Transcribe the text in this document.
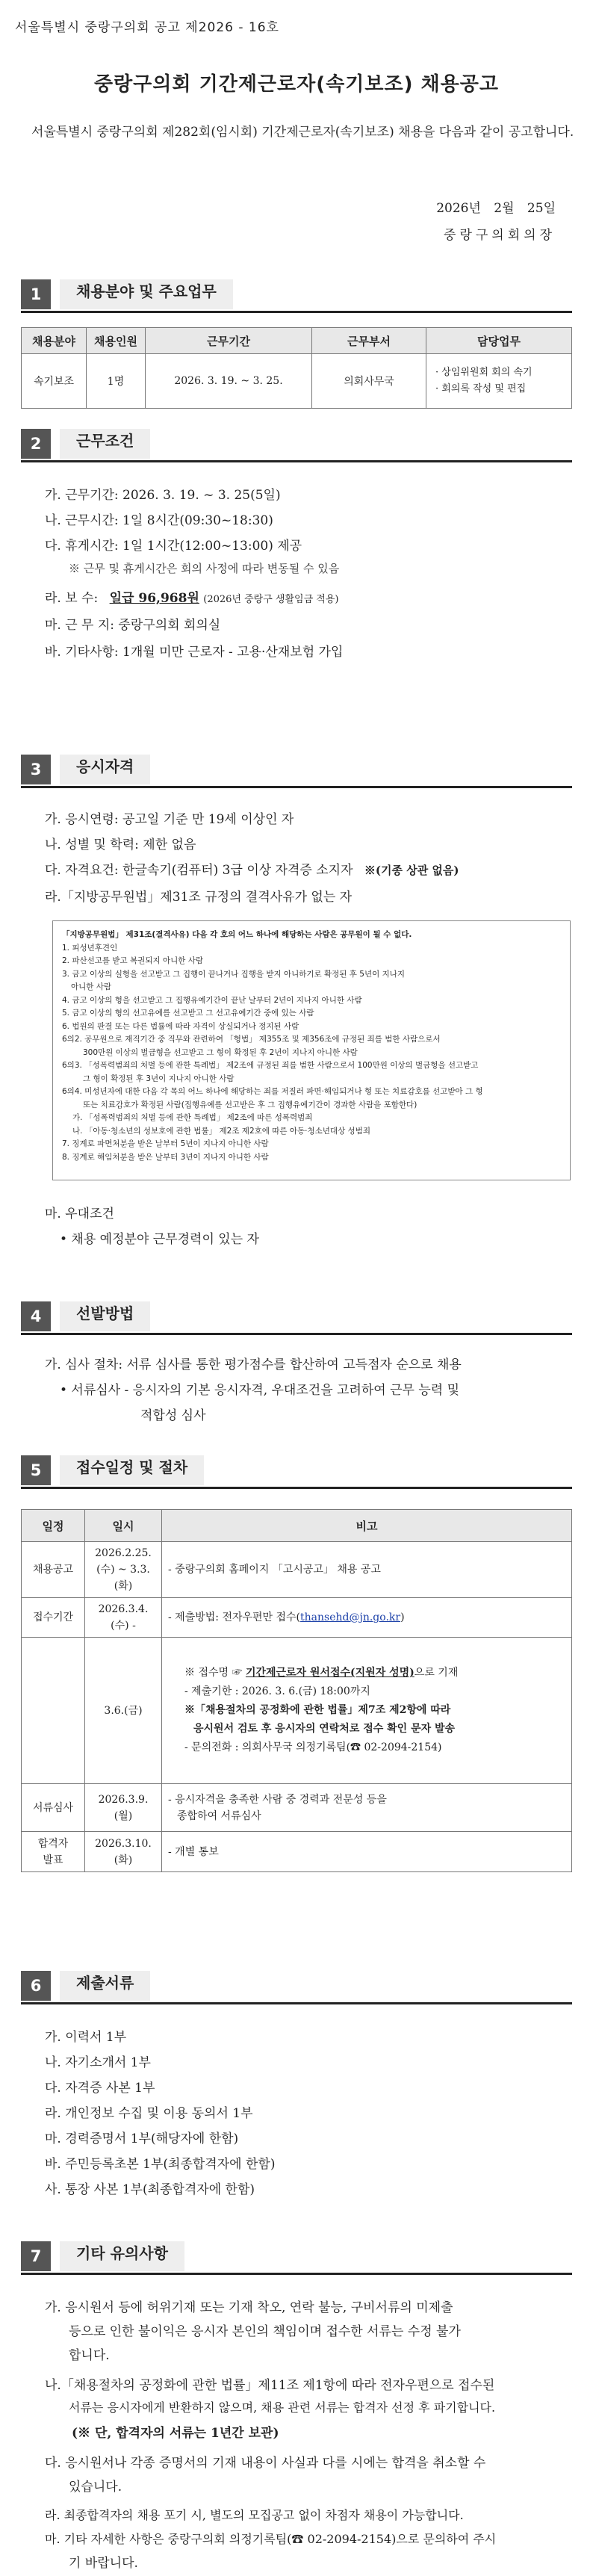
서울특별시 중랑구의회 공고 제2026 - 16호
중랑구의회 기간제근로자(속기보조) 채용공고
서울특별시 중랑구의회 제282회(임시회) 기간제근로자(속기보조) 채용을 다음과 같이 공고합니다.
2026년 2월 25일
중랑구의회의장
1	채용분야 및 주요업무
채용분야	채용인원	근무기간	근무부서	담당업무
속기보조	1명	2026. 3. 19. ~ 3. 25.	의회사무국	· 상임위원회 회의 속기
· 회의록 작성 및 편집
2	근무조건
가. 근무기간: 2026. 3. 19. ~ 3. 25(5일)
나. 근무시간: 1일 8시간(09:30~18:30)
다. 휴게시간: 1일 1시간(12:00~13:00) 제공
※ 근무 및 휴게시간은 회의 사정에 따라 변동될 수 있음
라. 보 수: 일급 96,968원 (2026년 중랑구 생활임금 적용)
마. 근 무 지: 중랑구의회 회의실
바. 기타사항: 1개월 미만 근로자 - 고용·산재보험 가입
3	응시자격
가. 응시연령: 공고일 기준 만 19세 이상인 자
나. 성별 및 학력: 제한 없음
다. 자격요건: 한글속기(컴퓨터) 3급 이상 자격증 소지자 ※(기종 상관 없음)
라.「지방공무원법」제31조 규정의 결격사유가 없는 자
「지방공무원법」 제31조(결격사유) 다음 각 호의 어느 하나에 해당하는 사람은 공무원이 될 수 없다.
1. 피성년후견인
2. 파산선고를 받고 복권되지 아니한 사람
3. 금고 이상의 실형을 선고받고 그 집행이 끝나거나 집행을 받지 아니하기로 확정된 후 5년이 지나지
아니한 사람
4. 금고 이상의 형을 선고받고 그 집행유예기간이 끝난 날부터 2년이 지나지 아니한 사람
5. 금고 이상의 형의 선고유예를 선고받고 그 선고유예기간 중에 있는 사람
6. 법원의 판결 또는 다른 법률에 따라 자격이 상실되거나 정지된 사람
6의2. 공무원으로 재직기간 중 직무와 관련하여 「형법」 제355조 및 제356조에 규정된 죄를 범한 사람으로서
300만원 이상의 벌금형을 선고받고 그 형이 확정된 후 2년이 지나지 아니한 사람
6의3. 「성폭력범죄의 처벌 등에 관한 특례법」 제2조에 규정된 죄를 범한 사람으로서 100만원 이상의 벌금형을 선고받고
그 형이 확정된 후 3년이 지나지 아니한 사람
6의4. 미성년자에 대한 다음 각 목의 어느 하나에 해당하는 죄를 저질러 파면·해임되거나 형 또는 치료감호를 선고받아 그 형
또는 치료감호가 확정된 사람(집행유예를 선고받은 후 그 집행유예기간이 경과한 사람을 포함한다)
가. 「성폭력범죄의 처벌 등에 관한 특례법」 제2조에 따른 성폭력범죄
나. 「아동·청소년의 성보호에 관한 법률」 제2조 제2호에 따른 아동·청소년대상 성범죄
7. 징계로 파면처분을 받은 날부터 5년이 지나지 아니한 사람
8. 징계로 해임처분을 받은 날부터 3년이 지나지 아니한 사람
마. 우대조건
• 채용 예정분야 근무경력이 있는 자
4	선발방법
가. 심사 절차: 서류 심사를 통한 평가점수를 합산하여 고득점자 순으로 채용
• 서류심사 - 응시자의 기본 응시자격, 우대조건을 고려하여 근무 능력 및
적합성 심사
5	접수일정 및 절차
일정	일시	비고
채용공고	2026.2.25.(수) ~ 3.3.(화)	- 중랑구의회 홈페이지 「고시공고」 채용 공고
접수기간	2026.3.4.(수) -	- 제출방법: 전자우편만 접수(thansehd@jn.go.kr)
	3.6.(금)	※ 접수명 ☞ 기간제근로자 원서접수(지원자 성명)으로 기재
- 제출기한 : 2026. 3. 6.(금) 18:00까지
※「채용절차의 공정화에 관한 법률」제7조 제2항에 따라
응시원서 검토 후 응시자의 연락처로 접수 확인 문자 발송
- 문의전화 : 의회사무국 의정기록팀(☎ 02-2094-2154)

서류심사	2026.3.9.(월)	- 응시자격을 충족한 사람 중 경력과 전문성 등을
종합하여 서류심사

합격자
발표	2026.3.10.(화)	- 개별 통보
6	제출서류
가. 이력서 1부
나. 자기소개서 1부
다. 자격증 사본 1부
라. 개인정보 수집 및 이용 동의서 1부
마. 경력증명서 1부(해당자에 한함)
바. 주민등록초본 1부(최종합격자에 한함)
사. 통장 사본 1부(최종합격자에 한함)
7	기타 유의사항
가. 응시원서 등에 허위기재 또는 기재 착오, 연락 불능, 구비서류의 미제출
등으로 인한 불이익은 응시자 본인의 책임이며 접수한 서류는 수정 불가
합니다.
나.「채용절차의 공정화에 관한 법률」제11조 제1항에 따라 전자우편으로 접수된
서류는 응시자에게 반환하지 않으며, 채용 관련 서류는 합격자 선정 후 파기합니다.
(※ 단, 합격자의 서류는 1년간 보관)
다. 응시원서나 각종 증명서의 기재 내용이 사실과 다를 시에는 합격을 취소할 수
있습니다.
라. 최종합격자의 채용 포기 시, 별도의 모집공고 없이 차점자 채용이 가능합니다.
마. 기타 자세한 사항은 중랑구의회 의정기록팀(☎ 02-2094-2154)으로 문의하여 주시
기 바랍니다.
